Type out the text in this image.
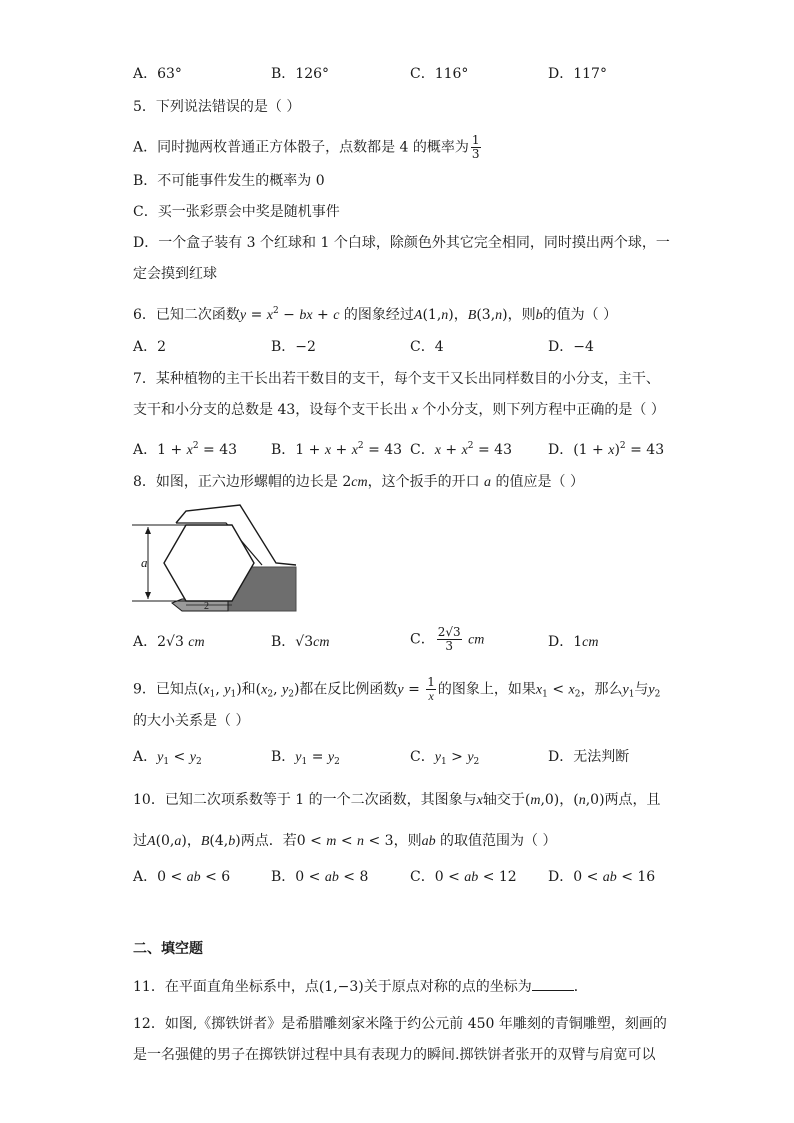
A．63°	B．126°	C．116°	D．117°
5．下列说法错误的是（ ）
A．同时抛两枚普通正方体骰子，点数都是 4 的概率为 $\frac{1}{3}$
B．不可能事件发生的概率为 0
C．买一张彩票会中奖是随机事件
D．一个盒子装有 3 个红球和 1 个白球，除颜色外其它完全相同，同时摸出两个球，一
定会摸到红球
6．已知二次函数$y = x^2$ − bx + c 的图象经过A(1,n)，B(3,n)，则b的值为（ ）
A．2	B．−2	C．4	D．−4
7．某种植物的主干长出若干数目的支干，每个支干又长出同样数目的小分支，主干、
支干和小分支的总数是 43，设每个支干长出 x 个小分支，则下列方程中正确的是（ ）
A．$1 + x^2 = 43$ B．$1 + x + x^2 = 43$ C．$x + x^2 = 43$	D．$(1 + x)^2 = 43$
8．如图，正六边形螺帽的边长是 2cm，这个扳手的开口 a 的值应是（ ）
a
2
A．2√3 cm	B．√3cm	C． $\frac{2√3}{3}$ cm	D．1cm
9．已知点($x_1$, $y_1$)和($x_2$, $y_2$)都在反比例函数$y = \frac{1}{x}$ 的图象上，如果$x_1 < x_2$，那么$y_1$与$y_2$
的大小关系是（ ）
A．$y_1 < y_2$	B．$y_1 = y_2$	C．$y_1 > y_2$	D．无法判断
10．已知二次项系数等于 1 的一个二次函数，其图象与x轴交于(m,0)，(n,0)两点，且
过A(0,a)，B(4,b)两点．若0 < m < n < 3，则ab 的取值范围为（ ）
A．0 < ab < 6	B．0 < ab < 8	C．0 < ab < 12 D．0 < ab < 16
二、填空题
11．在平面直角坐标系中，点(1,−3)关于原点对称的点的坐标为	．
12．如图,《掷铁饼者》是希腊雕刻家米隆于约公元前 450 年雕刻的青铜雕塑，刻画的
是一名强健的男子在掷铁饼过程中具有表现力的瞬间.掷铁饼者张开的双臂与肩宽可以
